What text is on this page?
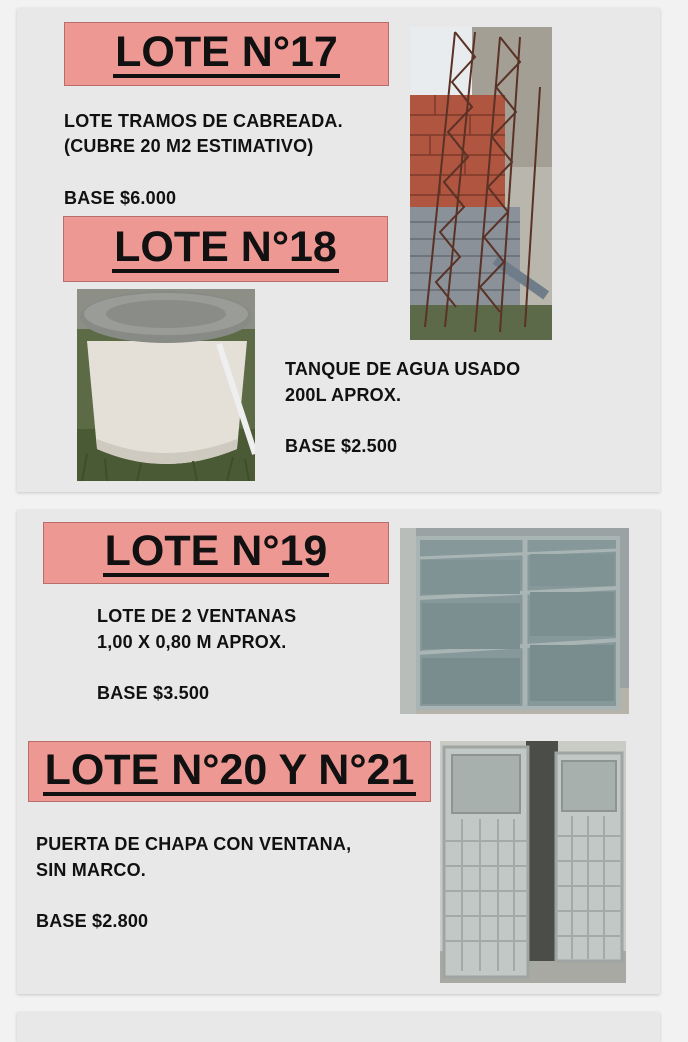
LOTE N°17
LOTE TRAMOS DE CABREADA.
(CUBRE 20 M2 ESTIMATIVO)
BASE $6.000
LOTE N°18
TANQUE DE AGUA USADO
200L APROX.
BASE $2.500
LOTE N°19
LOTE DE 2 VENTANAS
1,00 X 0,80 M APROX.
BASE $3.500
LOTE N°20 Y N°21
PUERTA DE CHAPA CON VENTANA,
SIN MARCO.
BASE $2.800
